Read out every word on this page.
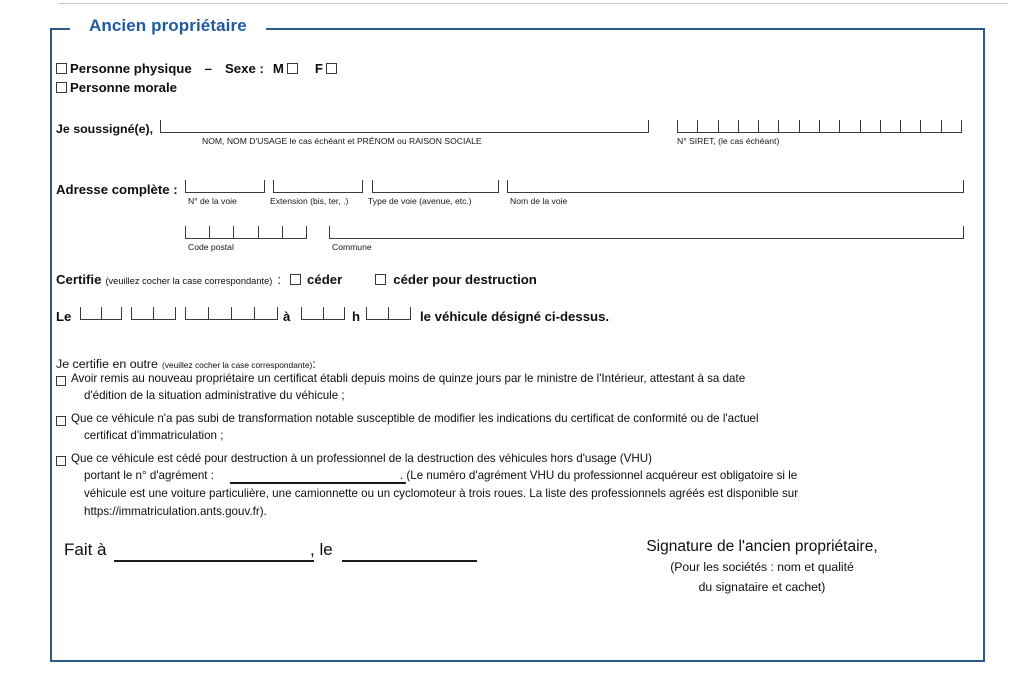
Ancien propriétaire
Personne physique – Sexe : M F
Personne morale
Je soussigné(e),
NOM, NOM D'USAGE le cas échéant et PRÉNOM ou RAISON SOCIALE	N° SIRET, (le cas échéant)
Adresse complète :
N° de la voie	Extension (bis, ter, .) Type de voie (avenue, etc.)	Nom de la voie
Code postal	Commune
Certifie (veuillez cocher la case correspondante) : céder	céder pour destruction
Le	à	h	le véhicule désigné ci-dessus.
Je certifie en outre (veuillez cocher la case correspondante):
Avoir remis au nouveau propriétaire un certificat établi depuis moins de quinze jours par le ministre de l'Intérieur, attestant à sa date
d'édition de la situation administrative du véhicule ;
Que ce véhicule n'a pas subi de transformation notable susceptible de modifier les indications du certificat de conformité ou de l'actuel
certificat d'immatriculation ;
Que ce véhicule est cédé pour destruction à un professionnel de la destruction des véhicules hors d'usage (VHU)
portant le n° d'agrément :	. (Le numéro d'agrément VHU du professionnel acquéreur est obligatoire si le
véhicule est une voiture particulière, une camionnette ou un cyclomoteur à trois roues. La liste des professionnels agréés est disponible sur
https://immatriculation.ants.gouv.fr).
Fait à	, le	Signature de l'ancien propriétaire,
(Pour les sociétés : nom et qualité
du signataire et cachet)
